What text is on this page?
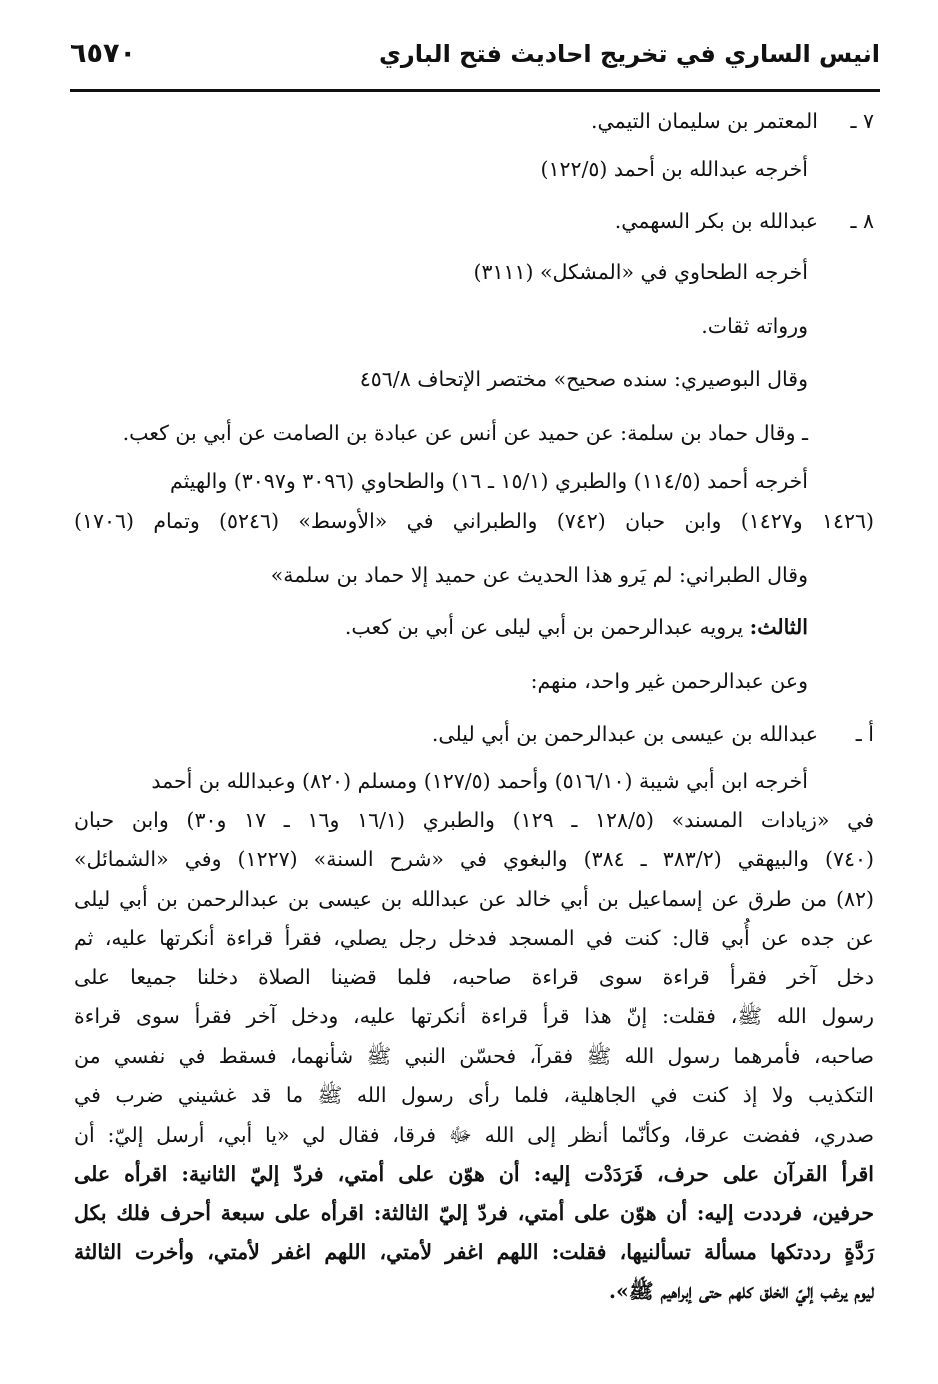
انيس الساري في تخريج احاديث فتح الباري
٦٥٧٠
٧ ـالمعتمر بن سليمان التيمي.
أخرجه عبدالله بن أحمد (١٢٢/٥)
٨ ـعبدالله بن بكر السهمي.
أخرجه الطحاوي في «المشكل» (٣١١١)
ورواته ثقات.
وقال البوصيري: سنده صحيح» مختصر الإتحاف ٤٥٦/٨
ـ وقال حماد بن سلمة: عن حميد عن أنس عن عبادة بن الصامت عن أبي بن كعب.
أخرجه أحمد (١١٤/٥) والطبري (١٥/١ ـ ١٦) والطحاوي (٣٠٩٦ و٣٠٩٧) والهيثم
(١٤٢٦ و١٤٢٧) وابن حبان (٧٤٢) والطبراني في «الأوسط» (٥٢٤٦) وتمام (١٧٠٦)
وقال الطبراني: لم يَرو هذا الحديث عن حميد إلا حماد بن سلمة»
الثالث: يرويه عبدالرحمن بن أبي ليلى عن أبي بن كعب.
وعن عبدالرحمن غير واحد، منهم:
أ ـعبدالله بن عيسى بن عبدالرحمن بن أبي ليلى.
أخرجه ابن أبي شيبة (٥١٦/١٠) وأحمد (١٢٧/٥) ومسلم (٨٢٠) وعبدالله بن أحمد
في «زيادات المسند» (١٢٨/٥ ـ ١٢٩) والطبري (١٦/١ و١٦ ـ ١٧ و٣٠) وابن حبان
(٧٤٠) والبيهقي (٣٨٣/٢ ـ ٣٨٤) والبغوي في «شرح السنة» (١٢٢٧) وفي «الشمائل»
(٨٢) من طرق عن إسماعيل بن أبي خالد عن عبدالله بن عيسى بن عبدالرحمن بن أبي ليلى
عن جده عن أُبي قال: كنت في المسجد فدخل رجل يصلي، فقرأ قراءة أنكرتها عليه، ثم
دخل آخر فقرأ قراءة سوى قراءة صاحبه، فلما قضينا الصلاة دخلنا جميعا على
رسول الله ﷺ، فقلت: إنّ هذا قرأ قراءة أنكرتها عليه، ودخل آخر فقرأ سوى قراءة
صاحبه، فأمرهما رسول الله ﷺ فقرآ، فحسّن النبي ﷺ شأنهما، فسقط في نفسي من
التكذيب ولا إذ كنت في الجاهلية، فلما رأى رسول الله ﷺ ما قد غشيني ضرب في
صدري، ففضت عرقا، وكأنّما أنظر إلى الله ﷻ فرقا، فقال لي «يا أبي، أرسل إليّ: أن
اقرأ القرآن على حرف، فَرَدَدْت إليه: أن هوّن على أمتي، فردّ إليّ الثانية: اقرأه على
حرفين، فرددت إليه: أن هوّن على أمتي، فردّ إليّ الثالثة: اقرأه على سبعة أحرف فلك بكل
رَدَّةٍ رددتكها مسألة تسألنيها، فقلت: اللهم اغفر لأمتي، اللهم اغفر لأمتي، وأخرت الثالثة
ليوم يرغب إليّ الخلق كلهم حتى إبراهيم ﷺ».
